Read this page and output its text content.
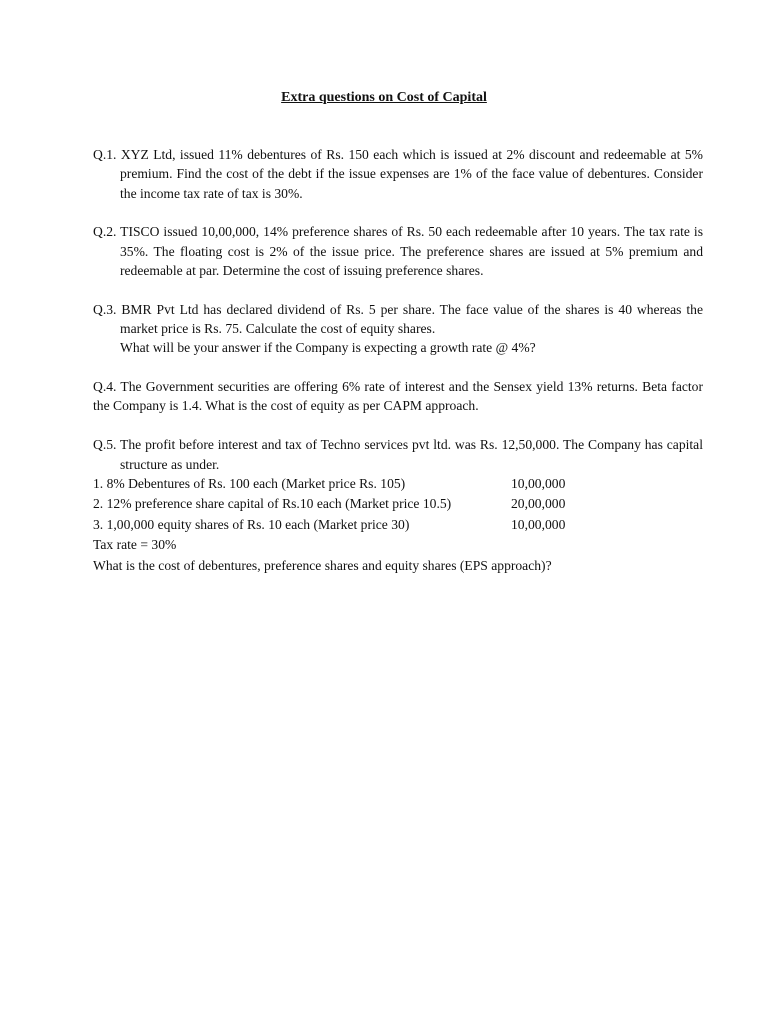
Extra questions on Cost of Capital

Q.1. XYZ Ltd, issued 11% debentures of Rs. 150 each which is issued at 2% discount and redeemable at 5% premium. Find the cost of the debt if the issue expenses are 1% of the face value of debentures. Consider the income tax rate of tax is 30%.

Q.2. TISCO issued 10,00,000, 14% preference shares of Rs. 50 each redeemable after 10 years. The tax rate is 35%. The floating cost is 2% of the issue price. The preference shares are issued at 5% premium and redeemable at par. Determine the cost of issuing preference shares.

Q.3. BMR Pvt Ltd has declared dividend of Rs. 5 per share. The face value of the shares is 40 whereas the market price is Rs. 75. Calculate the cost of equity shares.

What will be your answer if the Company is expecting a growth rate @ 4%?

Q.4. The Government securities are offering 6% rate of interest and the Sensex yield 13% returns. Beta factor the Company is 1.4. What is the cost of equity as per CAPM approach.

Q.5. The profit before interest and tax of Techno services pvt ltd. was Rs. 12,50,000. The Company has capital structure as under.

1. 8% Debentures of Rs. 100 each (Market price Rs. 105)	10,00,000
2. 12% preference share capital of Rs.10 each (Market price 10.5)	20,00,000
3. 1,00,000 equity shares of Rs. 10 each (Market price 30)	10,00,000

Tax rate = 30%

What is the cost of debentures, preference shares and equity shares (EPS approach)?
